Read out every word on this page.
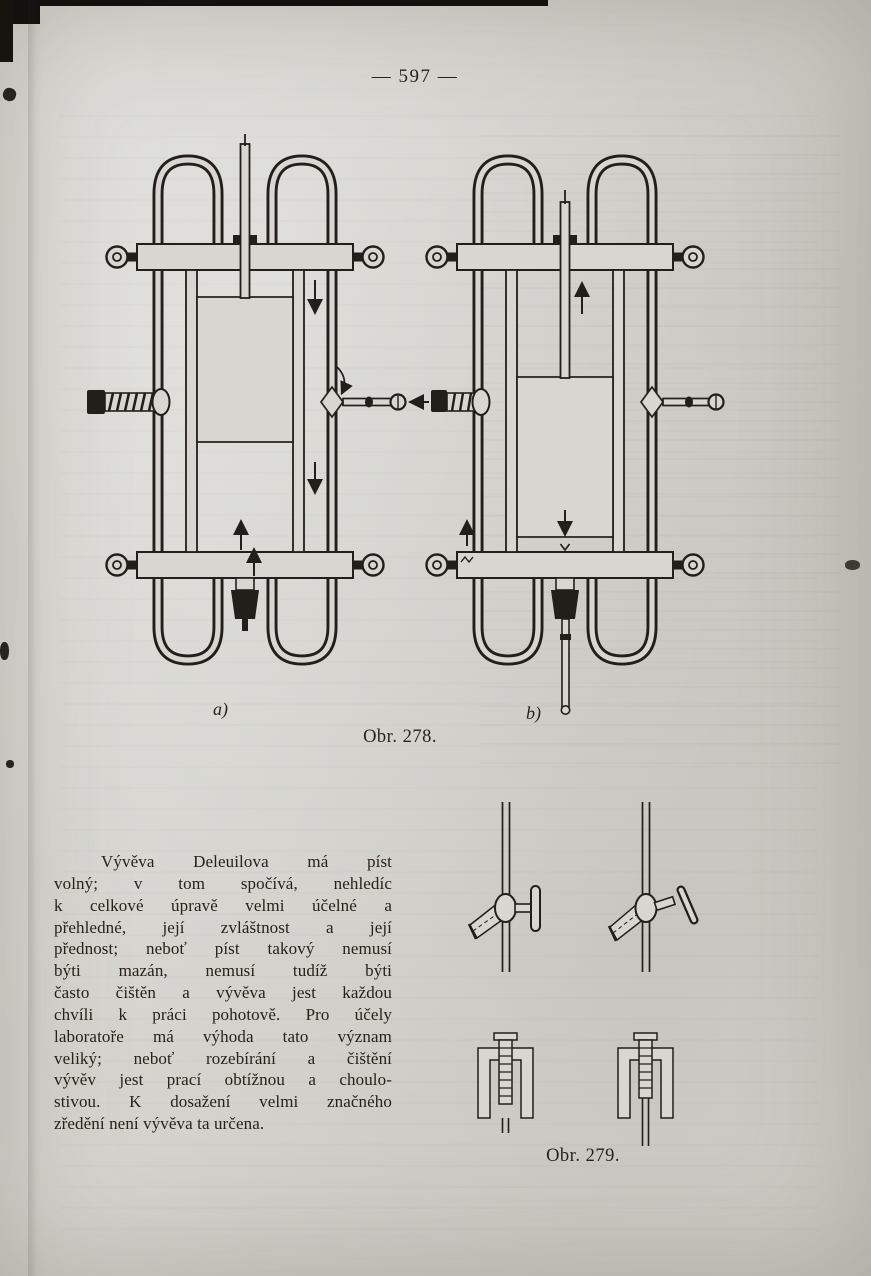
— 597 —
a)	b)
Obr. 278.
Vývěva Deleuilova má píst
volný; v tom spočívá, nehledíc
k celkové úpravě velmi účelné a
přehledné, její zvláštnost a její
přednost; neboť píst takový nemusí
býti mazán, nemusí tudíž býti
často čištěn a vývěva jest každou
chvíli k práci pohotově. Pro účely
laboratoře má výhoda tato význam
veliký; neboť rozebírání a čištění
vývěv jest prací obtížnou a choulo-
stivou. K dosažení velmi značného
zředění není vývěva ta určena.
Obr. 279.
